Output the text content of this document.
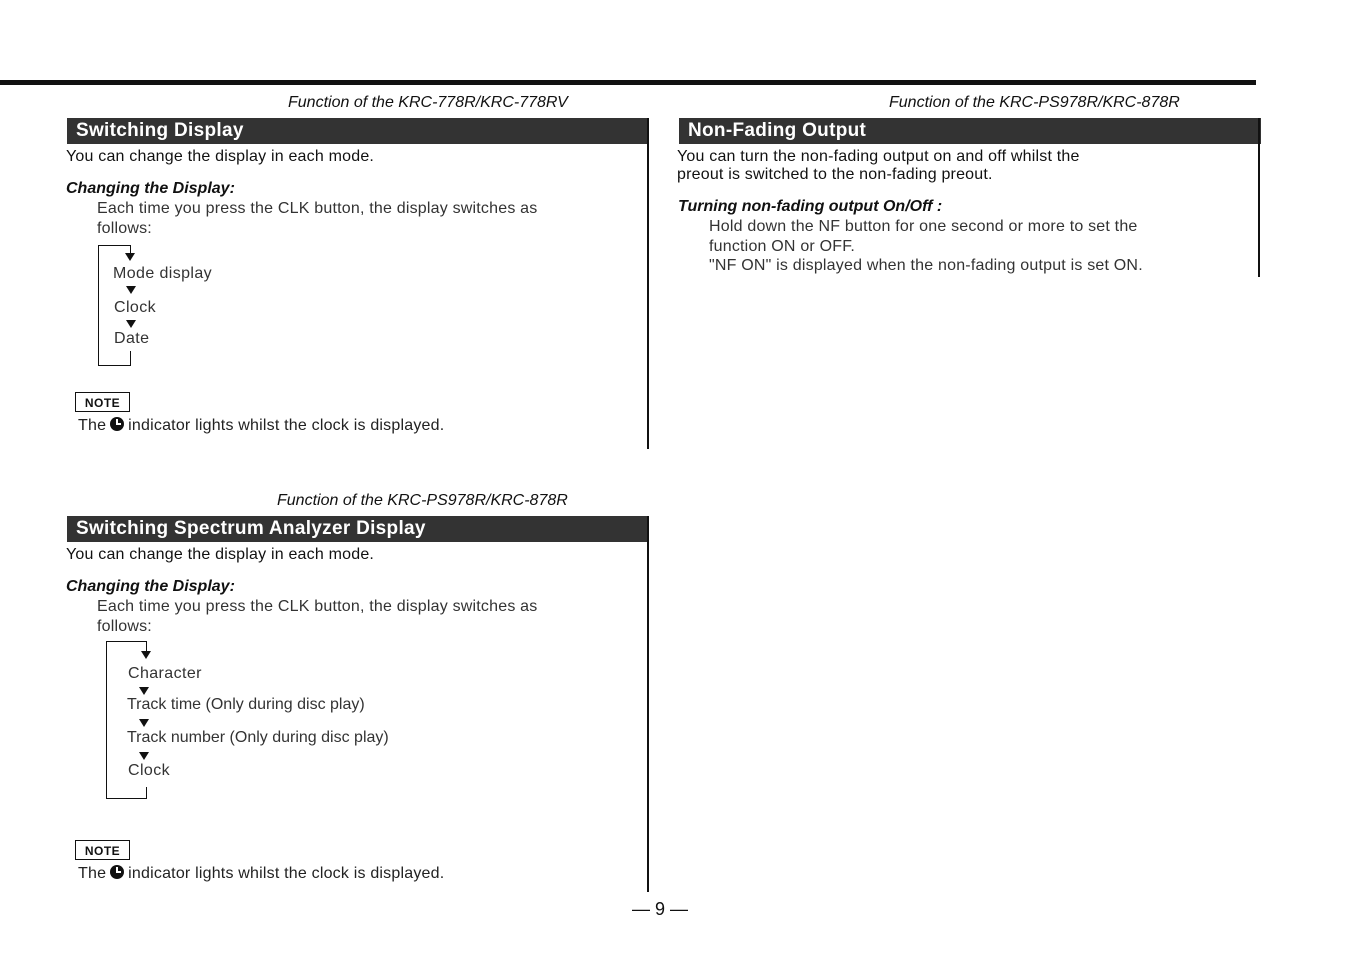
Function of the KRC-778R/KRC-778RV
Switching Display
You can change the display in each mode.
Changing the Display:
Each time you press the CLK button, the display switches as
follows:
Mode display
Clock
Date
NOTE
The indicator lights whilst the clock is displayed.
Function of the KRC-PS978R/KRC-878R
Switching Spectrum Analyzer Display
You can change the display in each mode.
Changing the Display:
Each time you press the CLK button, the display switches as
follows:
Character
Track time (Only during disc play)
Track number (Only during disc play)
Clock
NOTE
The indicator lights whilst the clock is displayed.
Function of the KRC-PS978R/KRC-878R
Non-Fading Output
You can turn the non-fading output on and off whilst the
preout is switched to the non-fading preout.
Turning non-fading output On/Off :
Hold down the NF button for one second or more to set the
function ON or OFF.
"NF ON" is displayed when the non-fading output is set ON.
— 9 —
